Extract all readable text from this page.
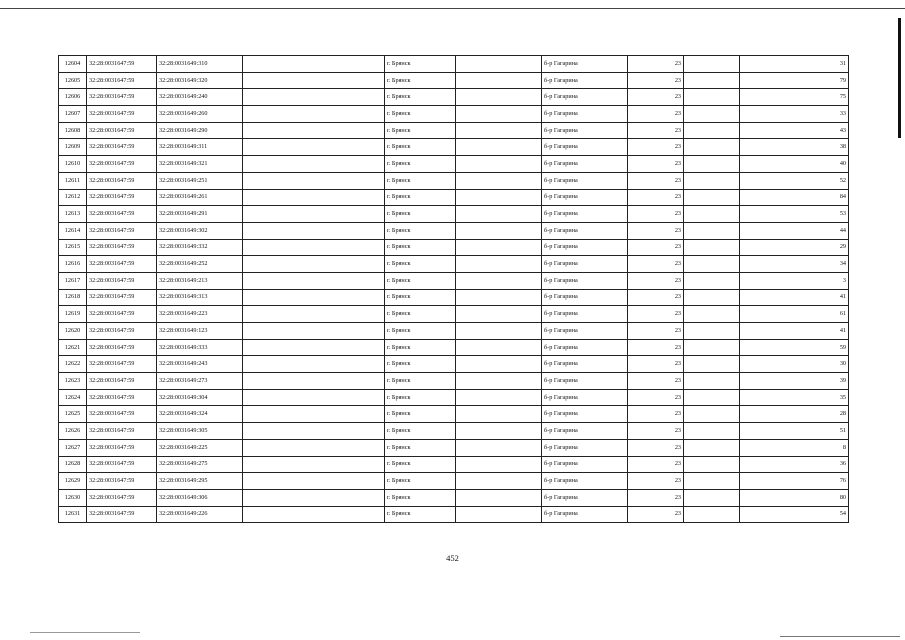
12604	32:28:0031647:59	32:28:0031649:310		г. Брянск		б-р Гагарина	23		31
12605	32:28:0031647:59	32:28:0031649:320		г. Брянск		б-р Гагарина	23		79
12606	32:28:0031647:59	32:28:0031649:240		г. Брянск		б-р Гагарина	23		75
12607	32:28:0031647:59	32:28:0031649:260		г. Брянск		б-р Гагарина	23		33
12608	32:28:0031647:59	32:28:0031649:290		г. Брянск		б-р Гагарина	23		43
12609	32:28:0031647:59	32:28:0031649:311		г. Брянск		б-р Гагарина	23		38
12610	32:28:0031647:59	32:28:0031649:321		г. Брянск		б-р Гагарина	23		40
12611	32:28:0031647:59	32:28:0031649:251		г. Брянск		б-р Гагарина	23		52
12612	32:28:0031647:59	32:28:0031649:261		г. Брянск		б-р Гагарина	23		84
12613	32:28:0031647:59	32:28:0031649:291		г. Брянск		б-р Гагарина	23		53
12614	32:28:0031647:59	32:28:0031649:302		г. Брянск		б-р Гагарина	23		44
12615	32:28:0031647:59	32:28:0031649:332		г. Брянск		б-р Гагарина	23		29
12616	32:28:0031647:59	32:28:0031649:252		г. Брянск		б-р Гагарина	23		34
12617	32:28:0031647:59	32:28:0031649:213		г. Брянск		б-р Гагарина	23		3
12618	32:28:0031647:59	32:28:0031649:313		г. Брянск		б-р Гагарина	23		41
12619	32:28:0031647:59	32:28:0031649:223		г. Брянск		б-р Гагарина	23		61
12620	32:28:0031647:59	32:28:0031649:123		г. Брянск		б-р Гагарина	23		41
12621	32:28:0031647:59	32:28:0031649:333		г. Брянск		б-р Гагарина	23		59
12622	32:28:0031647:59	32:28:0031649:243		г. Брянск		б-р Гагарина	23		30
12623	32:28:0031647:59	32:28:0031649:273		г. Брянск		б-р Гагарина	23		39
12624	32:28:0031647:59	32:28:0031649:304		г. Брянск		б-р Гагарина	23		35
12625	32:28:0031647:59	32:28:0031649:324		г. Брянск		б-р Гагарина	23		28
12626	32:28:0031647:59	32:28:0031649:305		г. Брянск		б-р Гагарина	23		51
12627	32:28:0031647:59	32:28:0031649:225		г. Брянск		б-р Гагарина	23		8
12628	32:28:0031647:59	32:28:0031649:275		г. Брянск		б-р Гагарина	23		36
12629	32:28:0031647:59	32:28:0031649:295		г. Брянск		б-р Гагарина	23		76
12630	32:28:0031647:59	32:28:0031649:306		г. Брянск		б-р Гагарина	23		80
12631	32:28:0031647:59	32:28:0031649:226		г. Брянск		б-р Гагарина	23		54
452
